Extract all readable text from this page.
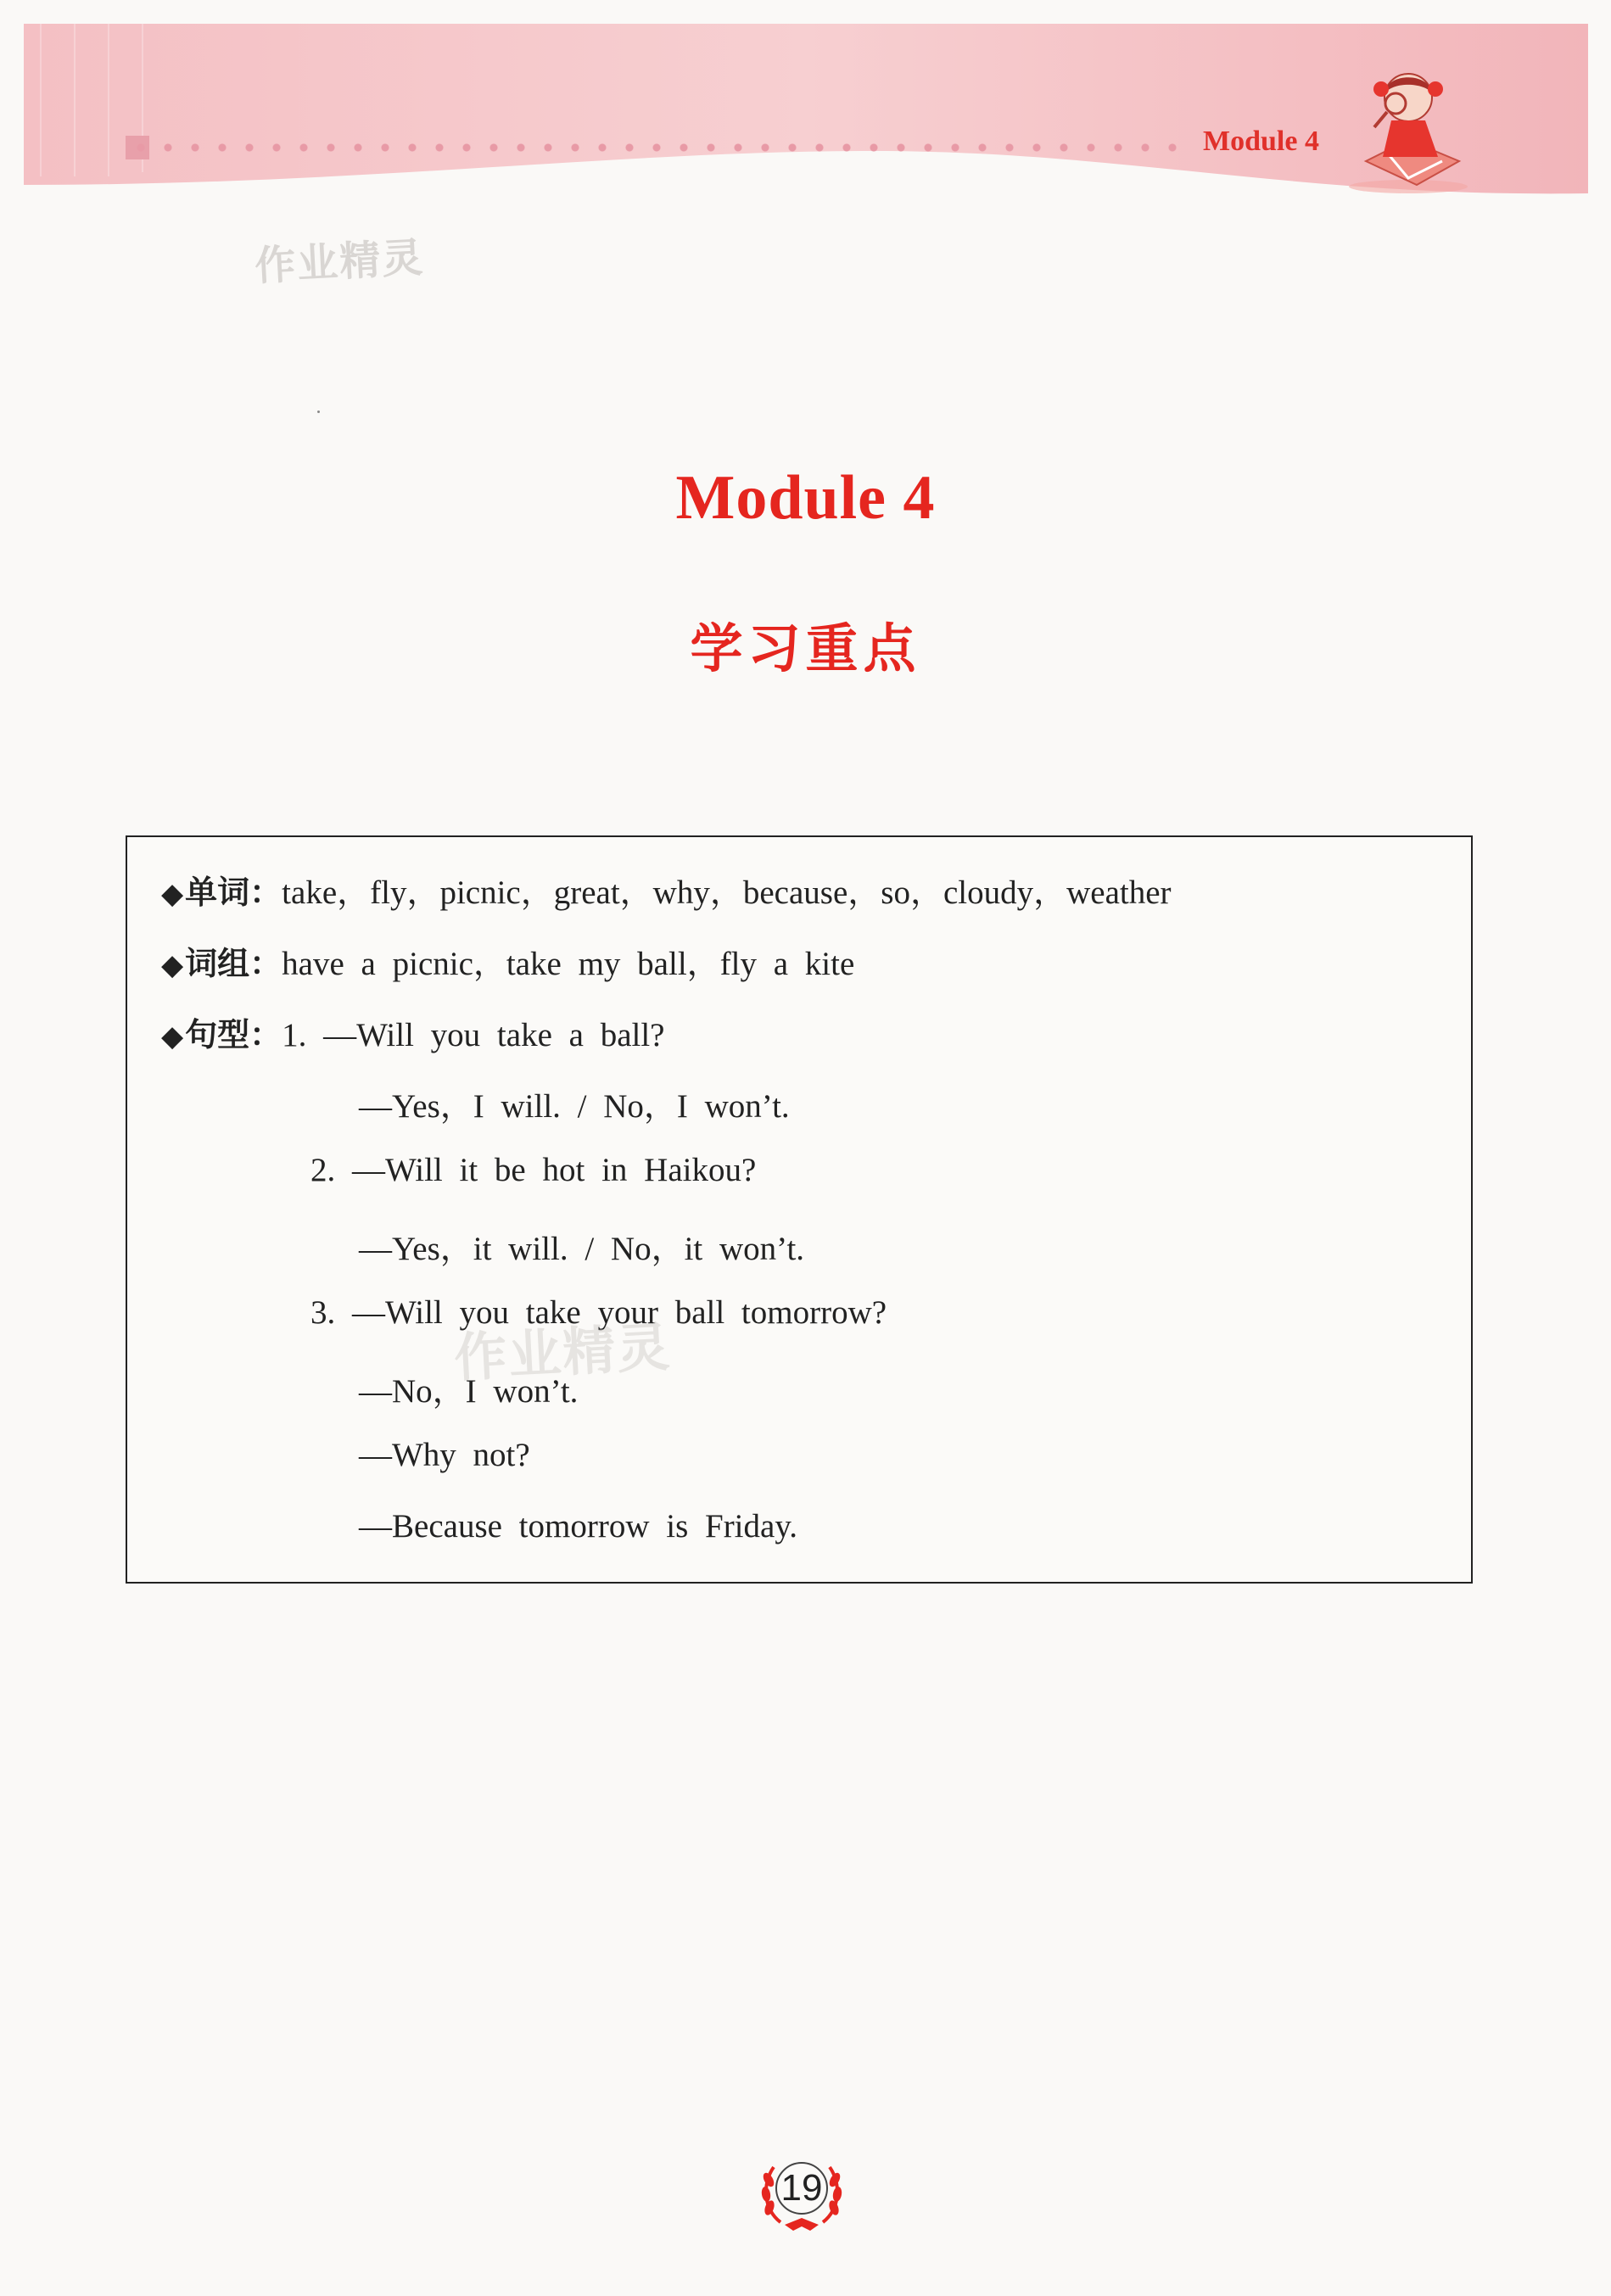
Module 4
作业精灵
Module 4
学习重点
◆单词：take，fly，picnic，great，why，because，so，cloudy，weather
◆词组：have a picnic，take my ball，fly a kite
◆句型：1. —Will you take a ball?
—Yes，I will. / No，I won’t.
2. —Will it be hot in Haikou?
—Yes，it will. / No，it won’t.
3. —Will you take your ball tomorrow?
—No，I won’t.
—Why not?
—Because tomorrow is Friday.
作业精灵
19
